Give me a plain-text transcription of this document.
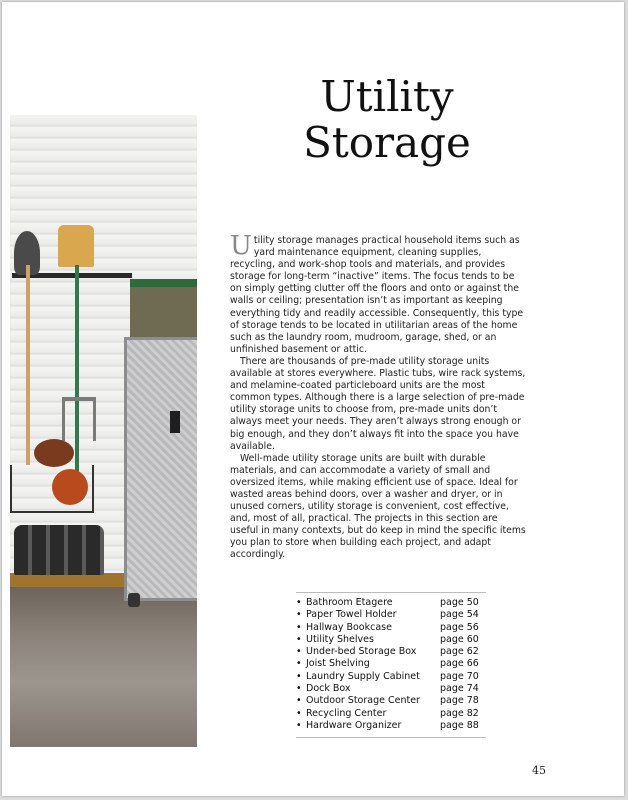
Utility
Storage

Utility storage manages practical household items such as yard maintenance equipment, cleaning supplies, recycling, and work-shop tools and materials, and provides storage for long-term “inactive” items. The focus tends to be on simply getting clutter off the floors and onto or against the walls or ceiling; presentation isn’t as important as keeping everything tidy and readily accessible. Consequently, this type of storage tends to be located in utilitarian areas of the home such as the laundry room, mudroom, garage, shed, or an unfinished basement or attic.

There are thousands of pre-made utility storage units available at stores everywhere. Plastic tubs, wire rack systems, and melamine-coated particleboard units are the most common types. Although there is a large selection of pre-made utility storage units to choose from, pre-made units don’t always meet your needs. They aren’t always strong enough or big enough, and they don’t always fit into the space you have available.

Well-made utility storage units are built with durable materials, and can accommodate a variety of small and oversized items, while making efficient use of space. Ideal for wasted areas behind doors, over a washer and dryer, or in unused corners, utility storage is convenient, cost effective, and, most of all, practical. The projects in this section are useful in many contexts, but do keep in mind the specific items you plan to store when building each project, and adapt accordingly.

• Bathroom Etagere	page 50
• Paper Towel Holder	page 54
• Hallway Bookcase	page 56
• Utility Shelves	page 60
• Under-bed Storage Box	page 62
• Joist Shelving	page 66
• Laundry Supply Cabinet	page 70
• Dock Box	page 74
• Outdoor Storage Center	page 78
• Recycling Center	page 82
• Hardware Organizer	page 88
45
